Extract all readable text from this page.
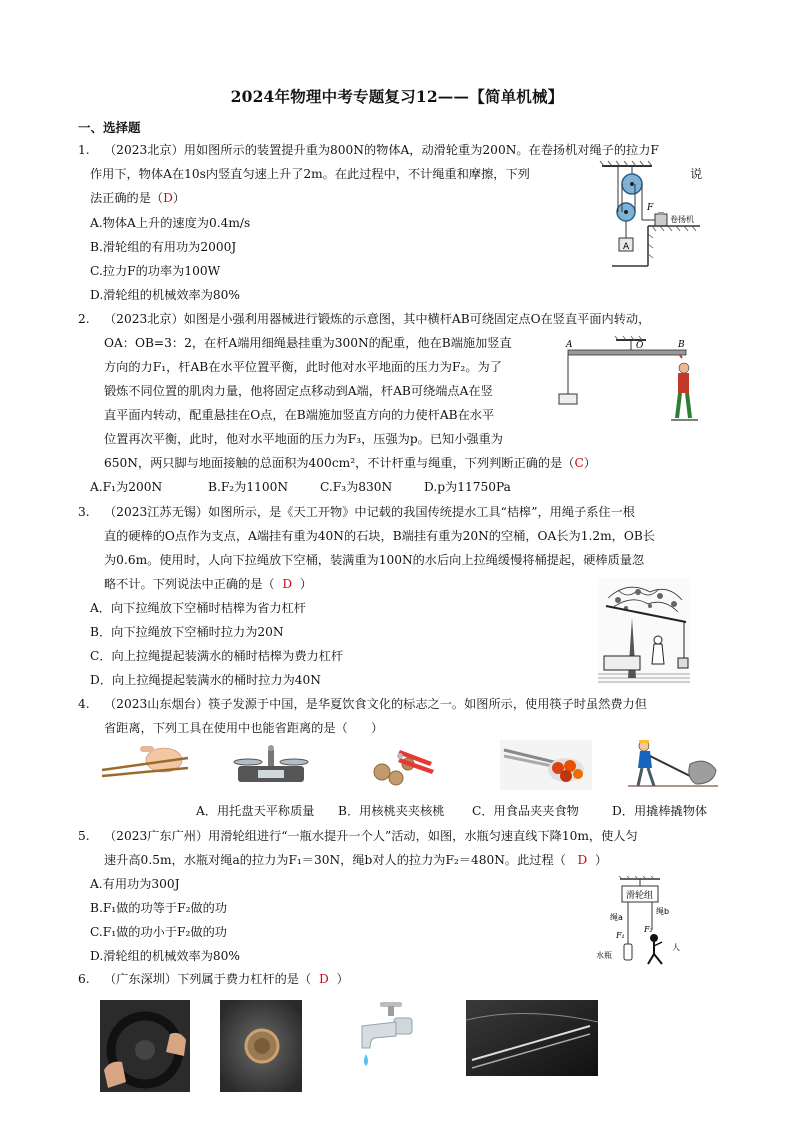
2024年物理中考专题复习12——【简单机械】
一、选择题
1. （2023北京）用如图所示的装置提升重为800N的物体A，动滑轮重为200N。在卷扬机对绳子的拉力F
作用下，物体A在10s内竖直匀速上升了2m。在此过程中，不计绳重和摩擦，下列	说
法正确的是（D）
A.物体A上升的速度为0.4m/s
B.滑轮组的有用功为2000J
C.拉力F的功率为100W
D.滑轮组的机械效率为80%
A
F
卷扬机
2. （2023北京）如图是小强利用器械进行锻炼的示意图，其中横杆AB可绕固定点O在竖直平面内转动，
OA：OB=3：2，在杆A端用细绳悬挂重为300N的配重，他在B端施加竖直
方向的力F₁，杆AB在水平位置平衡，此时他对水平地面的压力为F₂。为了
锻炼不同位置的肌肉力量，他将固定点移动到A端，杆AB可绕端点A在竖
直平面内转动，配重悬挂在O点，在B端施加竖直方向的力使杆AB在水平
位置再次平衡，此时，他对水平地面的压力为F₃，压强为p。已知小强重为
650N，两只脚与地面接触的总面积为400cm²，不计杆重与绳重，下列判断正确的是（C）
A.F₁为200N	B.F₂为1100N	C.F₃为830N	D.p为11750Pa
A	O	B
3. （2023江苏无锡）如图所示，是《天工开物》中记载的我国传统提水工具“桔槔”，用绳子系住一根
直的硬棒的O点作为支点，A端挂有重为40N的石块，B端挂有重为20N的空桶，OA长为1.2m，OB长
为0.6m。使用时，人向下拉绳放下空桶，装满重为100N的水后向上拉绳缓慢将桶提起，硬棒质量忽
略不计。下列说法中正确的是（ D ）
A．向下拉绳放下空桶时桔槔为省力杠杆
B．向下拉绳放下空桶时拉力为20N
C．向上拉绳提起装满水的桶时桔槔为费力杠杆
D．向上拉绳提起装满水的桶时拉力为40N
4. （2023山东烟台）筷子发源于中国，是华夏饮食文化的标志之一。如图所示，使用筷子时虽然费力但
省距离，下列工具在使用中也能省距离的是（ ）
A．用托盘天平称质量 B．用核桃夹夹核桃 C．用食品夹夹食物	D．用撬棒撬物体
5. （2023广东广州）用滑轮组进行“一瓶水提升一个人”活动，如图，水瓶匀速直线下降10m，使人匀
速升高0.5m，水瓶对绳a的拉力为F₁＝30N，绳b对人的拉力为F₂＝480N。此过程（ D ）
A.有用功为300J
B.F₁做的功等于F₂做的功
C.F₁做的功小于F₂做的功
D.滑轮组的机械效率为80%
滑轮组
绳a
绳b
F₁
F₂
水瓶
人
6. （广东深圳）下列属于费力杠杆的是（ D ）
